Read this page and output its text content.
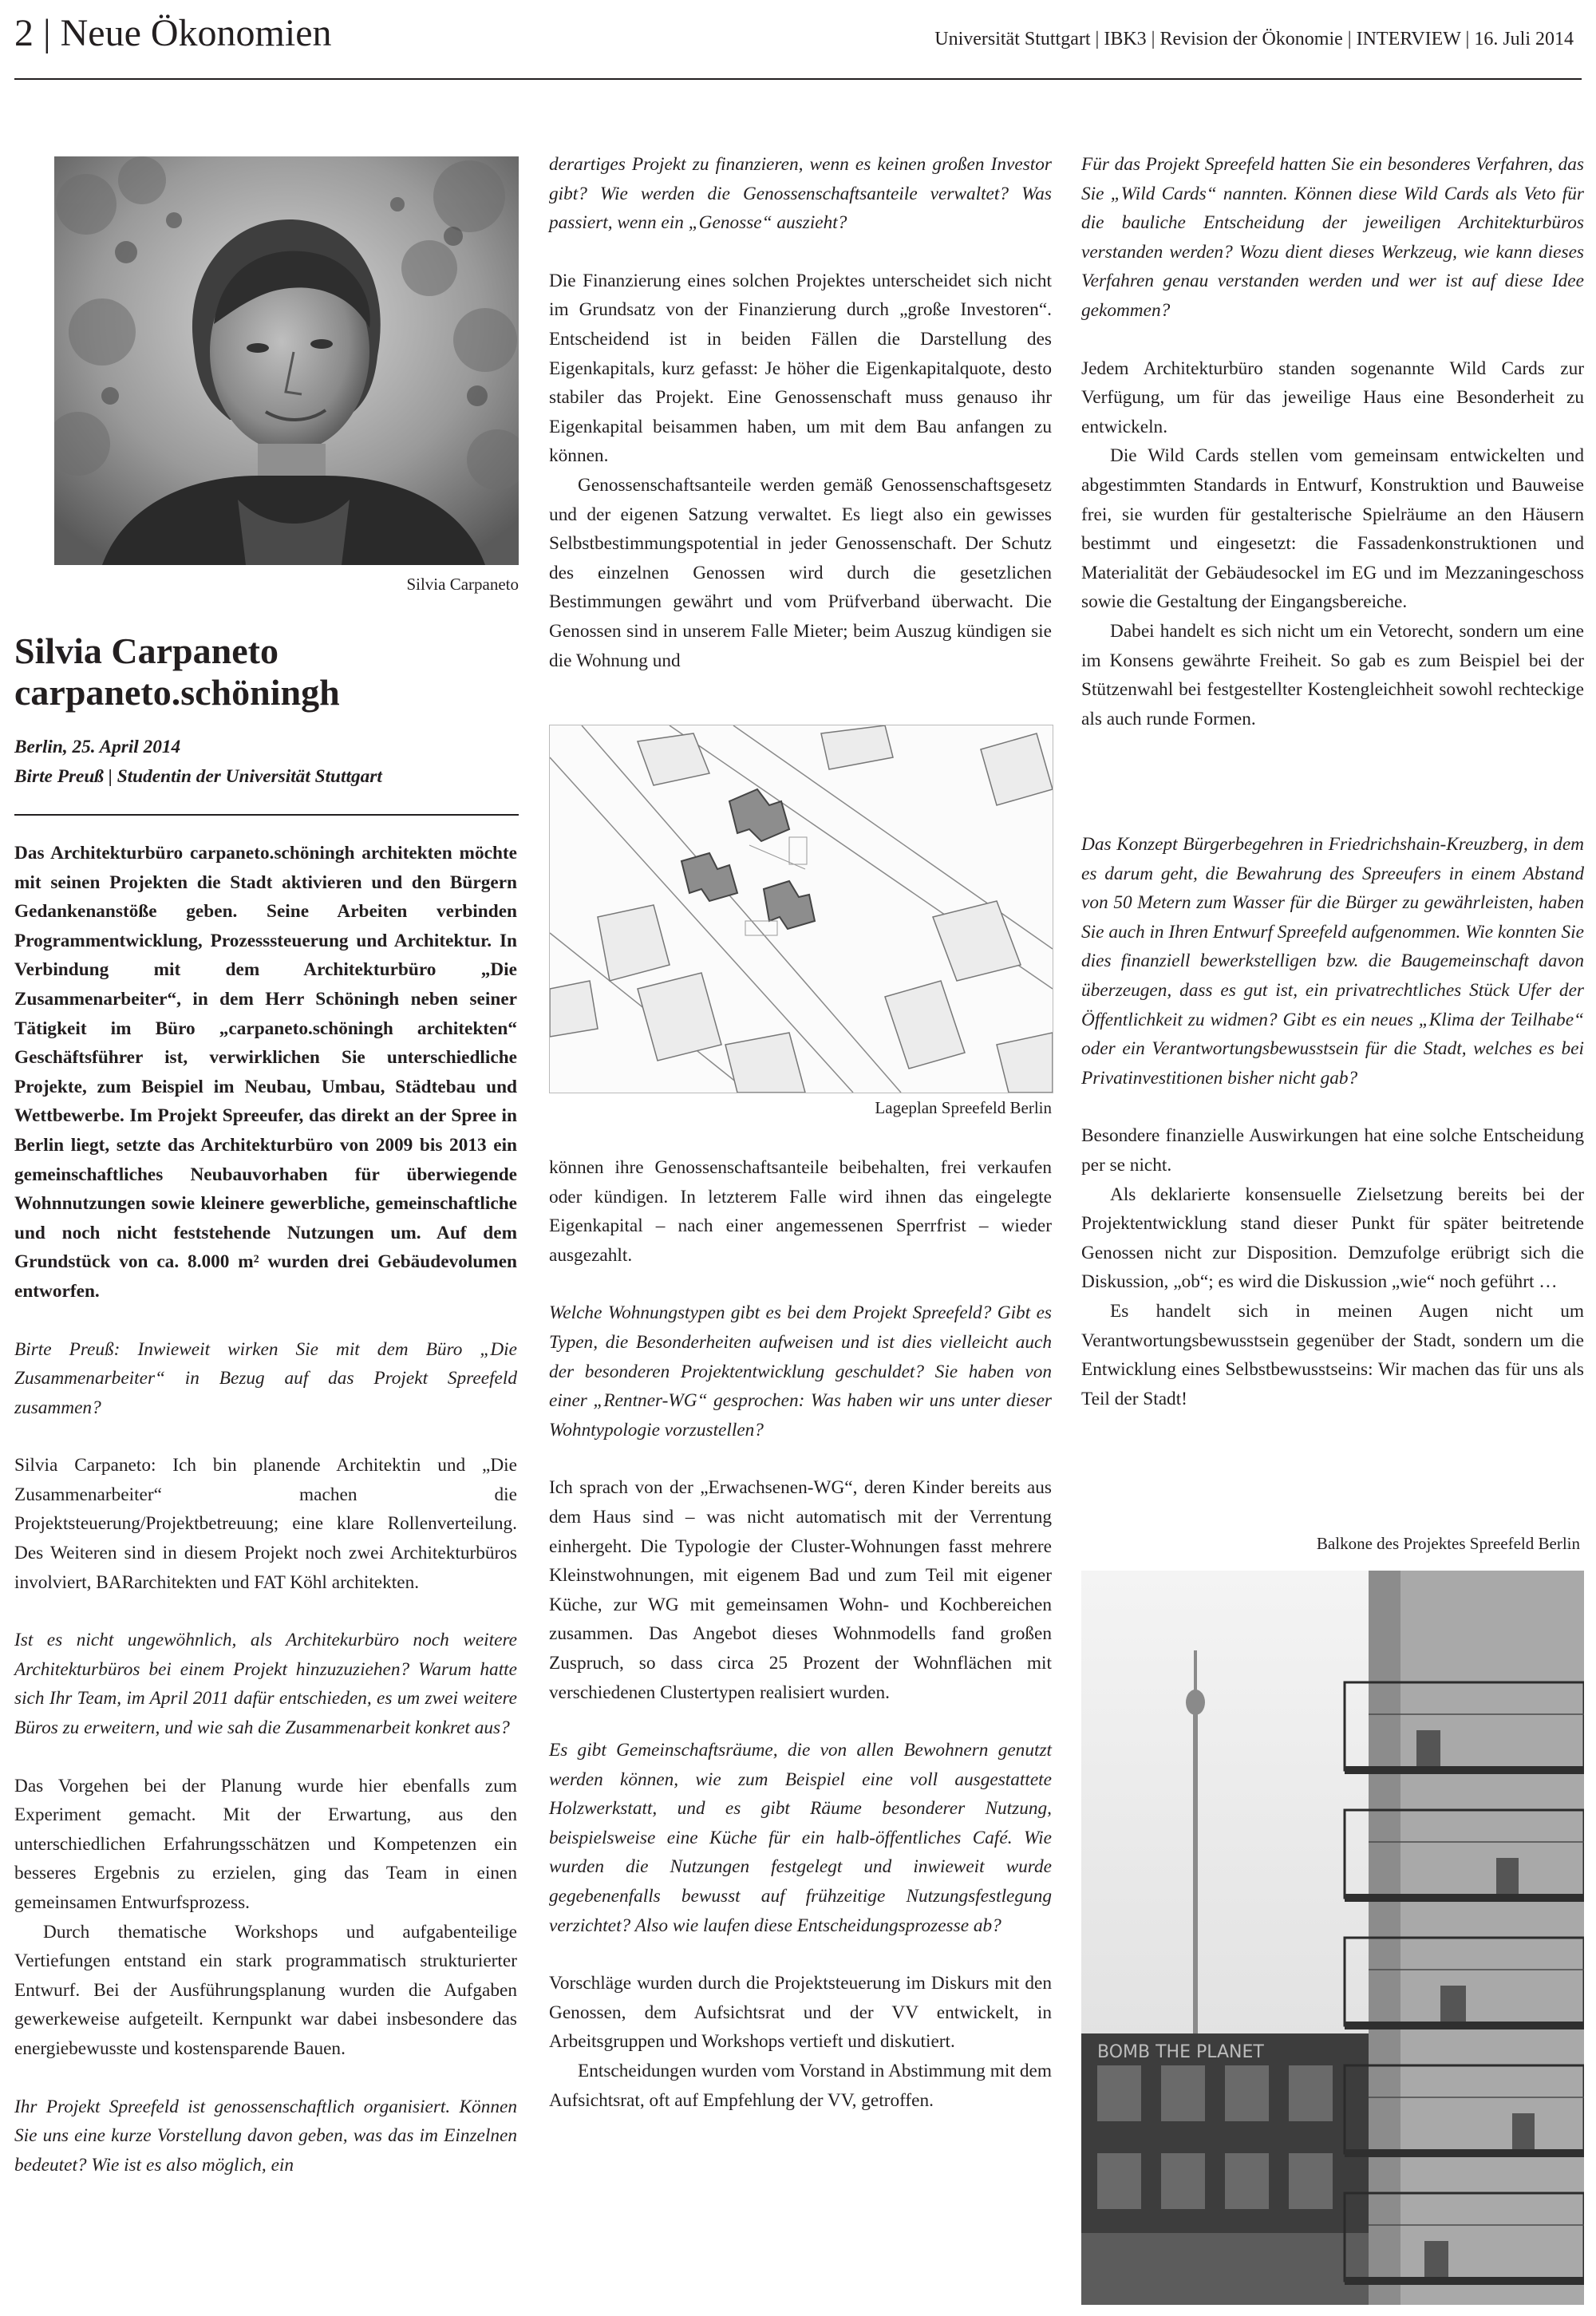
2 | Neue Ökonomien	Universität Stuttgart | IBK3 | Revision der Ökonomie | INTERVIEW | 16. Juli 2014
Silvia Carpaneto
Silvia Carpaneto
carpaneto.schöningh
Berlin, 25. April 2014
Birte Preuß | Studentin der Universität Stuttgart

Das Architekturbüro carpaneto.schöningh architekten möchte mit seinen Projekten die Stadt aktivieren und den Bürgern Gedankenanstöße geben. Seine Arbeiten verbinden Programmentwicklung, Prozesssteuerung und Architektur. In Verbindung mit dem Architekturbüro „Die Zusammenarbeiter“, in dem Herr Schöningh neben seiner Tätigkeit im Büro „carpaneto.schöningh architekten“ Geschäftsführer ist, verwirklichen Sie unterschiedliche Projekte, zum Beispiel im Neubau, Umbau, Städtebau und Wettbewerbe. Im Projekt Spreeufer, das direkt an der Spree in Berlin liegt, setzte das Architekturbüro von 2009 bis 2013 ein gemeinschaftliches Neubauvorhaben für überwiegende Wohnnutzungen sowie kleinere gewerbliche, gemeinschaftliche und noch nicht feststehende Nutzungen um. Auf dem Grundstück von ca. 8.000 m² wurden drei Gebäudevolumen entworfen.

Birte Preuß: Inwieweit wirken Sie mit dem Büro „Die Zusammenarbeiter“ in Bezug auf das Projekt Spreefeld zusammen?

Silvia Carpaneto: Ich bin planende Architektin und „Die Zusammenarbeiter“ machen die Projektsteuerung/Projektbetreuung; eine klare Rollenverteilung. Des Weiteren sind in diesem Projekt noch zwei Architekturbüros involviert, BARarchitekten und FAT Köhl architekten.

Ist es nicht ungewöhnlich, als Architekurbüro noch weitere Architekturbüros bei einem Projekt hinzuzuziehen? Warum hatte sich Ihr Team, im April 2011 dafür entschieden, es um zwei weitere Büros zu erweitern, und wie sah die Zusammenarbeit konkret aus?

Das Vorgehen bei der Planung wurde hier ebenfalls zum Experiment gemacht. Mit der Erwartung, aus den unterschiedlichen Erfahrungsschätzen und Kompetenzen ein besseres Ergebnis zu erzielen, ging das Team in einen gemeinsamen Entwurfsprozess.

Durch thematische Workshops und aufgabenteilige Vertiefungen entstand ein stark programmatisch strukturierter Entwurf. Bei der Ausführungsplanung wurden die Aufgaben gewerkeweise aufgeteilt. Kernpunkt war dabei insbesondere das energiebewusste und kostensparende Bauen.

Ihr Projekt Spreefeld ist genossenschaftlich organisiert. Können Sie uns eine kurze Vorstellung davon geben, was das im Einzelnen bedeutet? Wie ist es also möglich, ein

derartiges Projekt zu finanzieren, wenn es keinen großen Investor gibt? Wie werden die Genossenschaftsanteile verwaltet? Was passiert, wenn ein „Genosse“ auszieht?

Die Finanzierung eines solchen Projektes unterscheidet sich nicht im Grundsatz von der Finanzierung durch „große Investoren“. Entscheidend ist in beiden Fällen die Darstellung des Eigenkapitals, kurz gefasst: Je höher die Eigenkapitalquote, desto stabiler das Projekt. Eine Genossenschaft muss genauso ihr Eigenkapital beisammen haben, um mit dem Bau anfangen zu können.

Genossenschaftsanteile werden gemäß Genossenschaftsgesetz und der eigenen Satzung verwaltet. Es liegt also ein gewisses Selbstbestimmungspotential in jeder Genossenschaft. Der Schutz des einzelnen Genossen wird durch die gesetzlichen Bestimmungen gewährt und vom Prüfverband überwacht. Die Genossen sind in unserem Falle Mieter; beim Auszug kündigen sie die Wohnung und

Lageplan Spreefeld Berlin

können ihre Genossenschaftsanteile beibehalten, frei verkaufen oder kündigen. In letzterem Falle wird ihnen das eingelegte Eigenkapital – nach einer angemessenen Sperrfrist – wieder ausgezahlt.

Welche Wohnungstypen gibt es bei dem Projekt Spreefeld? Gibt es Typen, die Besonderheiten aufweisen und ist dies vielleicht auch der besonderen Projektentwicklung geschuldet? Sie haben von einer „Rentner-WG“ gesprochen: Was haben wir uns unter dieser Wohntypologie vorzustellen?

Ich sprach von der „Erwachsenen-WG“, deren Kinder bereits aus dem Haus sind – was nicht automatisch mit der Verrentung einhergeht. Die Typologie der Cluster-Wohnungen fasst mehrere Kleinstwohnungen, mit eigenem Bad und zum Teil mit eigener Küche, zur WG mit gemeinsamen Wohn- und Kochbereichen zusammen. Das Angebot dieses Wohnmodells fand großen Zuspruch, so dass circa 25 Prozent der Wohnflächen mit verschiedenen Clustertypen realisiert wurden.

Es gibt Gemeinschaftsräume, die von allen Bewohnern genutzt werden können, wie zum Beispiel eine voll ausgestattete Holzwerkstatt, und es gibt Räume besonderer Nutzung, beispielsweise eine Küche für ein halb-öffentliches Café. Wie wurden die Nutzungen festgelegt und inwieweit wurde gegebenenfalls bewusst auf frühzeitige Nutzungsfestlegung verzichtet? Also wie laufen diese Entscheidungsprozesse ab?

Vorschläge wurden durch die Projektsteuerung im Diskurs mit den Genossen, dem Aufsichtsrat und der VV entwickelt, in Arbeitsgruppen und Workshops vertieft und diskutiert.

Entscheidungen wurden vom Vorstand in Abstimmung mit dem Aufsichtsrat, oft auf Empfehlung der VV, getroffen.

Für das Projekt Spreefeld hatten Sie ein besonderes Verfahren, das Sie „Wild Cards“ nannten. Können diese Wild Cards als Veto für die bauliche Entscheidung der jeweiligen Architekturbüros verstanden werden? Wozu dient dieses Werkzeug, wie kann dieses Verfahren genau verstanden werden und wer ist auf diese Idee gekommen?

Jedem Architekturbüro standen sogenannte Wild Cards zur Verfügung, um für das jeweilige Haus eine Besonderheit zu entwickeln.

Die Wild Cards stellen vom gemeinsam entwickelten und abgestimmten Standards in Entwurf, Konstruktion und Bauweise frei, sie wurden für gestalterische Spielräume an den Häusern bestimmt und eingesetzt: die Fassadenkonstruktionen und Materialität der Gebäudesockel im EG und im Mezzaningeschoss sowie die Gestaltung der Eingangsbereiche.

Dabei handelt es sich nicht um ein Vetorecht, sondern um eine im Konsens gewährte Freiheit. So gab es zum Beispiel bei der Stützenwahl bei festgestellter Kostengleichheit sowohl rechteckige als auch runde Formen.

Das Konzept Bürgerbegehren in Friedrichshain-Kreuzberg, in dem es darum geht, die Bewahrung des Spreeufers in einem Abstand von 50 Metern zum Wasser für die Bürger zu gewährleisten, haben Sie auch in Ihren Entwurf Spreefeld aufgenommen. Wie konnten Sie dies finanziell bewerkstelligen bzw. die Baugemeinschaft davon überzeugen, dass es gut ist, ein privatrechtliches Stück Ufer der Öffentlichkeit zu widmen? Gibt es ein neues „Klima der Teilhabe“ oder ein Verantwortungsbewusstsein für die Stadt, welches es bei Privatinvestitionen bisher nicht gab?

Besondere finanzielle Auswirkungen hat eine solche Entscheidung per se nicht.

Als deklarierte konsensuelle Zielsetzung bereits bei der Projektentwicklung stand dieser Punkt für später beitretende Genossen nicht zur Disposition. Demzufolge erübrigt sich die Diskussion, „ob“; es wird die Diskussion „wie“ noch geführt …

Es handelt sich in meinen Augen nicht um Verantwortungsbewusstsein gegenüber der Stadt, sondern um die Entwicklung eines Selbstbewusstseins: Wir machen das für uns als Teil der Stadt!

Balkone des Projektes Spreefeld Berlin
BOMB THE PLANET
